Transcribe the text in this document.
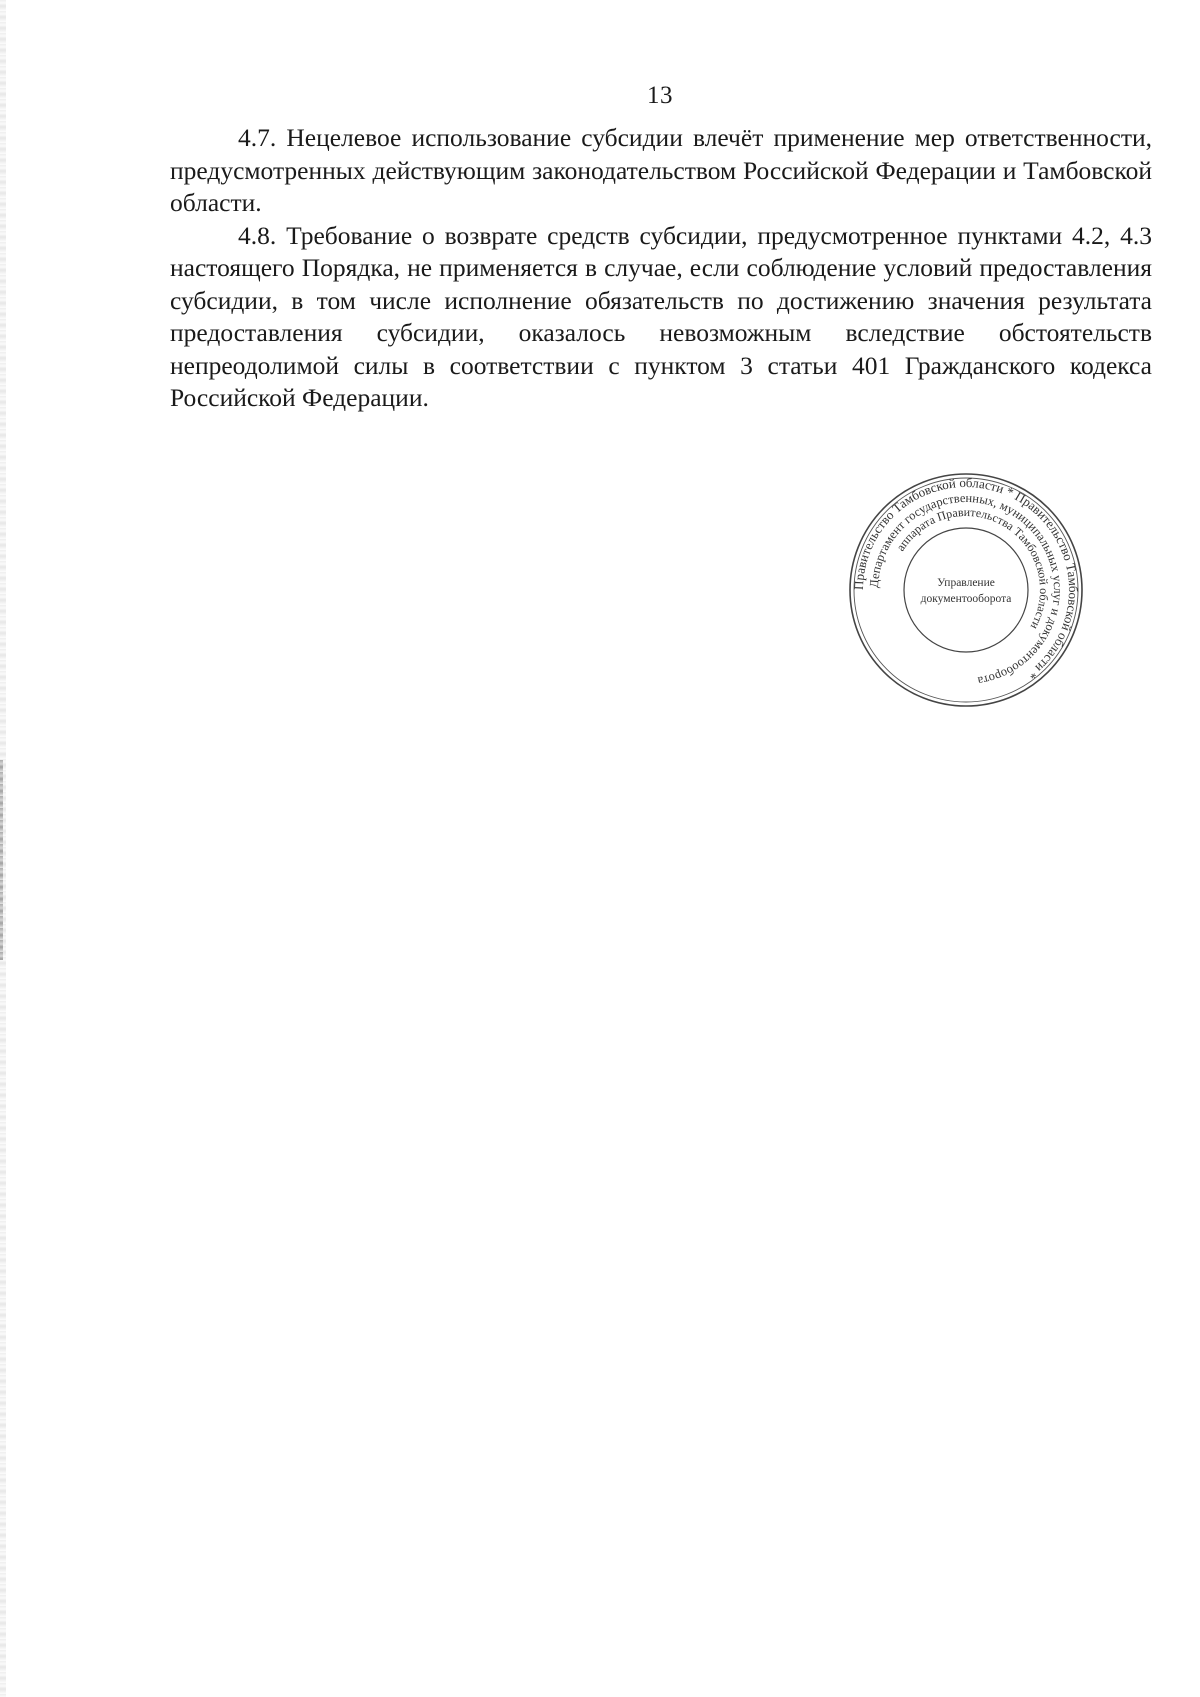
13

4.7. Нецелевое использование субсидии влечёт применение мер ответственности, предусмотренных действующим законодательством Российской Федерации и Тамбовской области.

4.8. Требование о возврате средств субсидии, предусмотренное пунктами 4.2, 4.3 настоящего Порядка, не применяется в случае, если соблюдение условий предоставления субсидии, в том числе исполнение обязательств по достижению значения результата предоставления субсидии, оказалось невозможным вследствие обстоятельств непреодолимой силы в соответствии с пунктом 3 статьи 401 Гражданского кодекса Российской Федерации.

Правительство Тамбовской области * Правительство Тамбовской области *
Департамент государственных, муниципальных услуг и документооборота
аппарата Правительства Тамбовской области
Управление
документооборота
